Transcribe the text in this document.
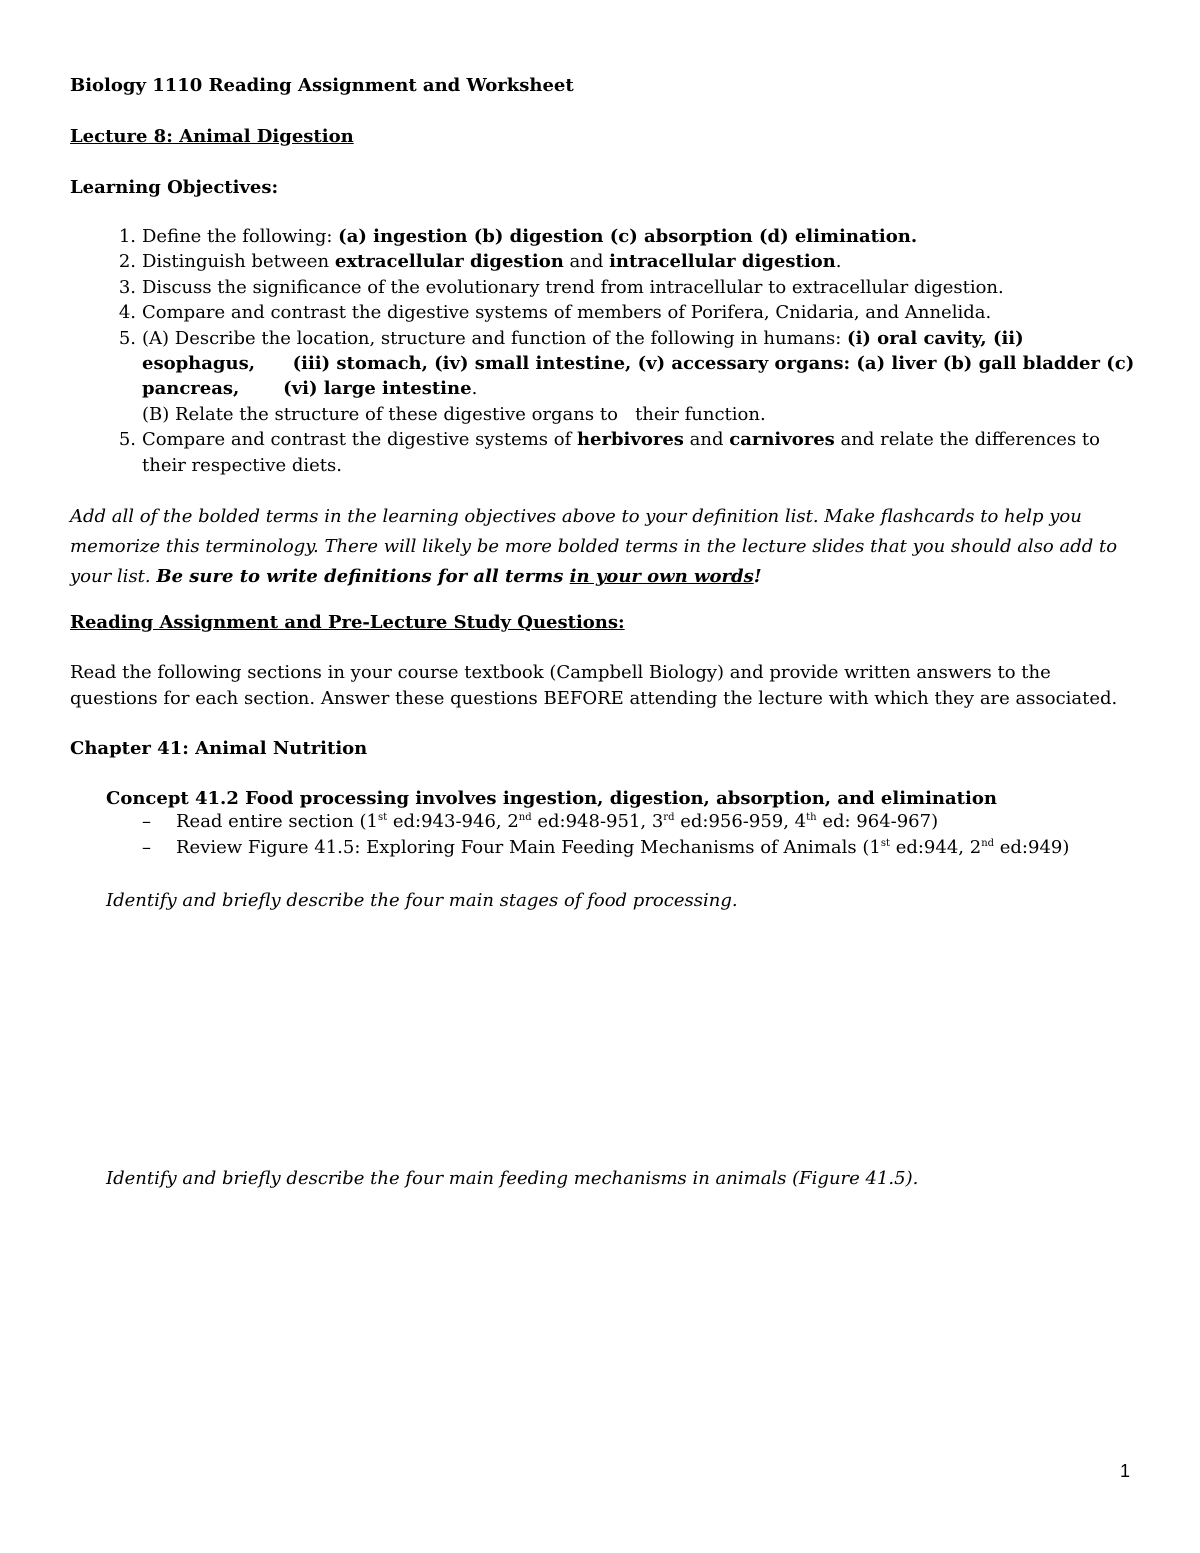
Biology 1110 Reading Assignment and Worksheet
Lecture 8: Animal Digestion
Learning Objectives:
1. Define the following: (a) ingestion (b) digestion (c) absorption (d) elimination.
2. Distinguish between extracellular digestion and intracellular digestion.
3. Discuss the significance of the evolutionary trend from intracellular to extracellular digestion.
4. Compare and contrast the digestive systems of members of Porifera, Cnidaria, and Annelida.
5. (A) Describe the location, structure and function of the following in humans: (i) oral cavity, (ii)
esophagus,      (iii) stomach, (iv) small intestine, (v) accessary organs: (a) liver (b) gall bladder (c)
pancreas,       (vi) large intestine.
(B) Relate the structure of these digestive organs to   their function.
5. Compare and contrast the digestive systems of herbivores and carnivores and relate the differences to
their respective diets.
Add all of the bolded terms in the learning objectives above to your definition list. Make flashcards to help you
memorize this terminology. There will likely be more bolded terms in the lecture slides that you should also add to
your list. Be sure to write definitions for all terms in your own words!
Reading Assignment and Pre-Lecture Study Questions:
Read the following sections in your course textbook (Campbell Biology) and provide written answers to the
questions for each section. Answer these questions BEFORE attending the lecture with which they are associated.
Chapter 41: Animal Nutrition
Concept 41.2 Food processing involves ingestion, digestion, absorption, and elimination
– Read entire section (1st ed:943-946, 2nd ed:948-951, 3rd ed:956-959, 4th ed: 964-967)
– Review Figure 41.5: Exploring Four Main Feeding Mechanisms of Animals (1st ed:944, 2nd ed:949)
Identify and briefly describe the four main stages of food processing.
Identify and briefly describe the four main feeding mechanisms in animals (Figure 41.5).
1
